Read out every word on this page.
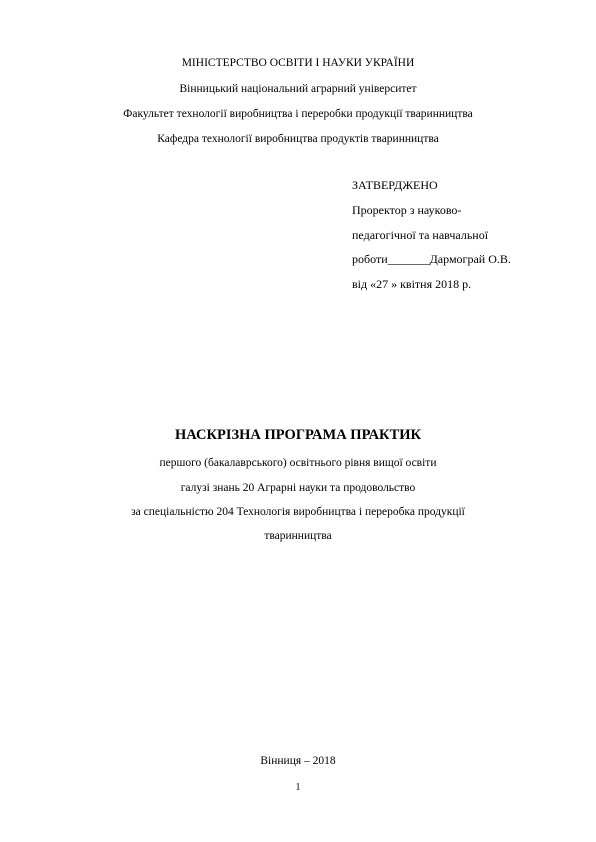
МІНІСТЕРСТВО ОСВІТИ І НАУКИ УКРАЇНИ
Вінницький національний аграрний університет
Факультет технології виробництва і переробки продукції тваринництва
Кафедра технології виробництва продуктів тваринництва
ЗАТВЕРДЖЕНО
Проректор з науково-
педагогічної та навчальної
роботи_______Дармограй О.В.
від «27 » квітня 2018 р.
НАСКРІЗНА ПРОГРАМА ПРАКТИК
першого (бакалаврського) освітнього рівня вищої освіти
галузі знань 20 Аграрні науки та продовольство
за спеціальністю 204 Технологія виробництва і переробка продукції
тваринництва
Вінниця – 2018
1
